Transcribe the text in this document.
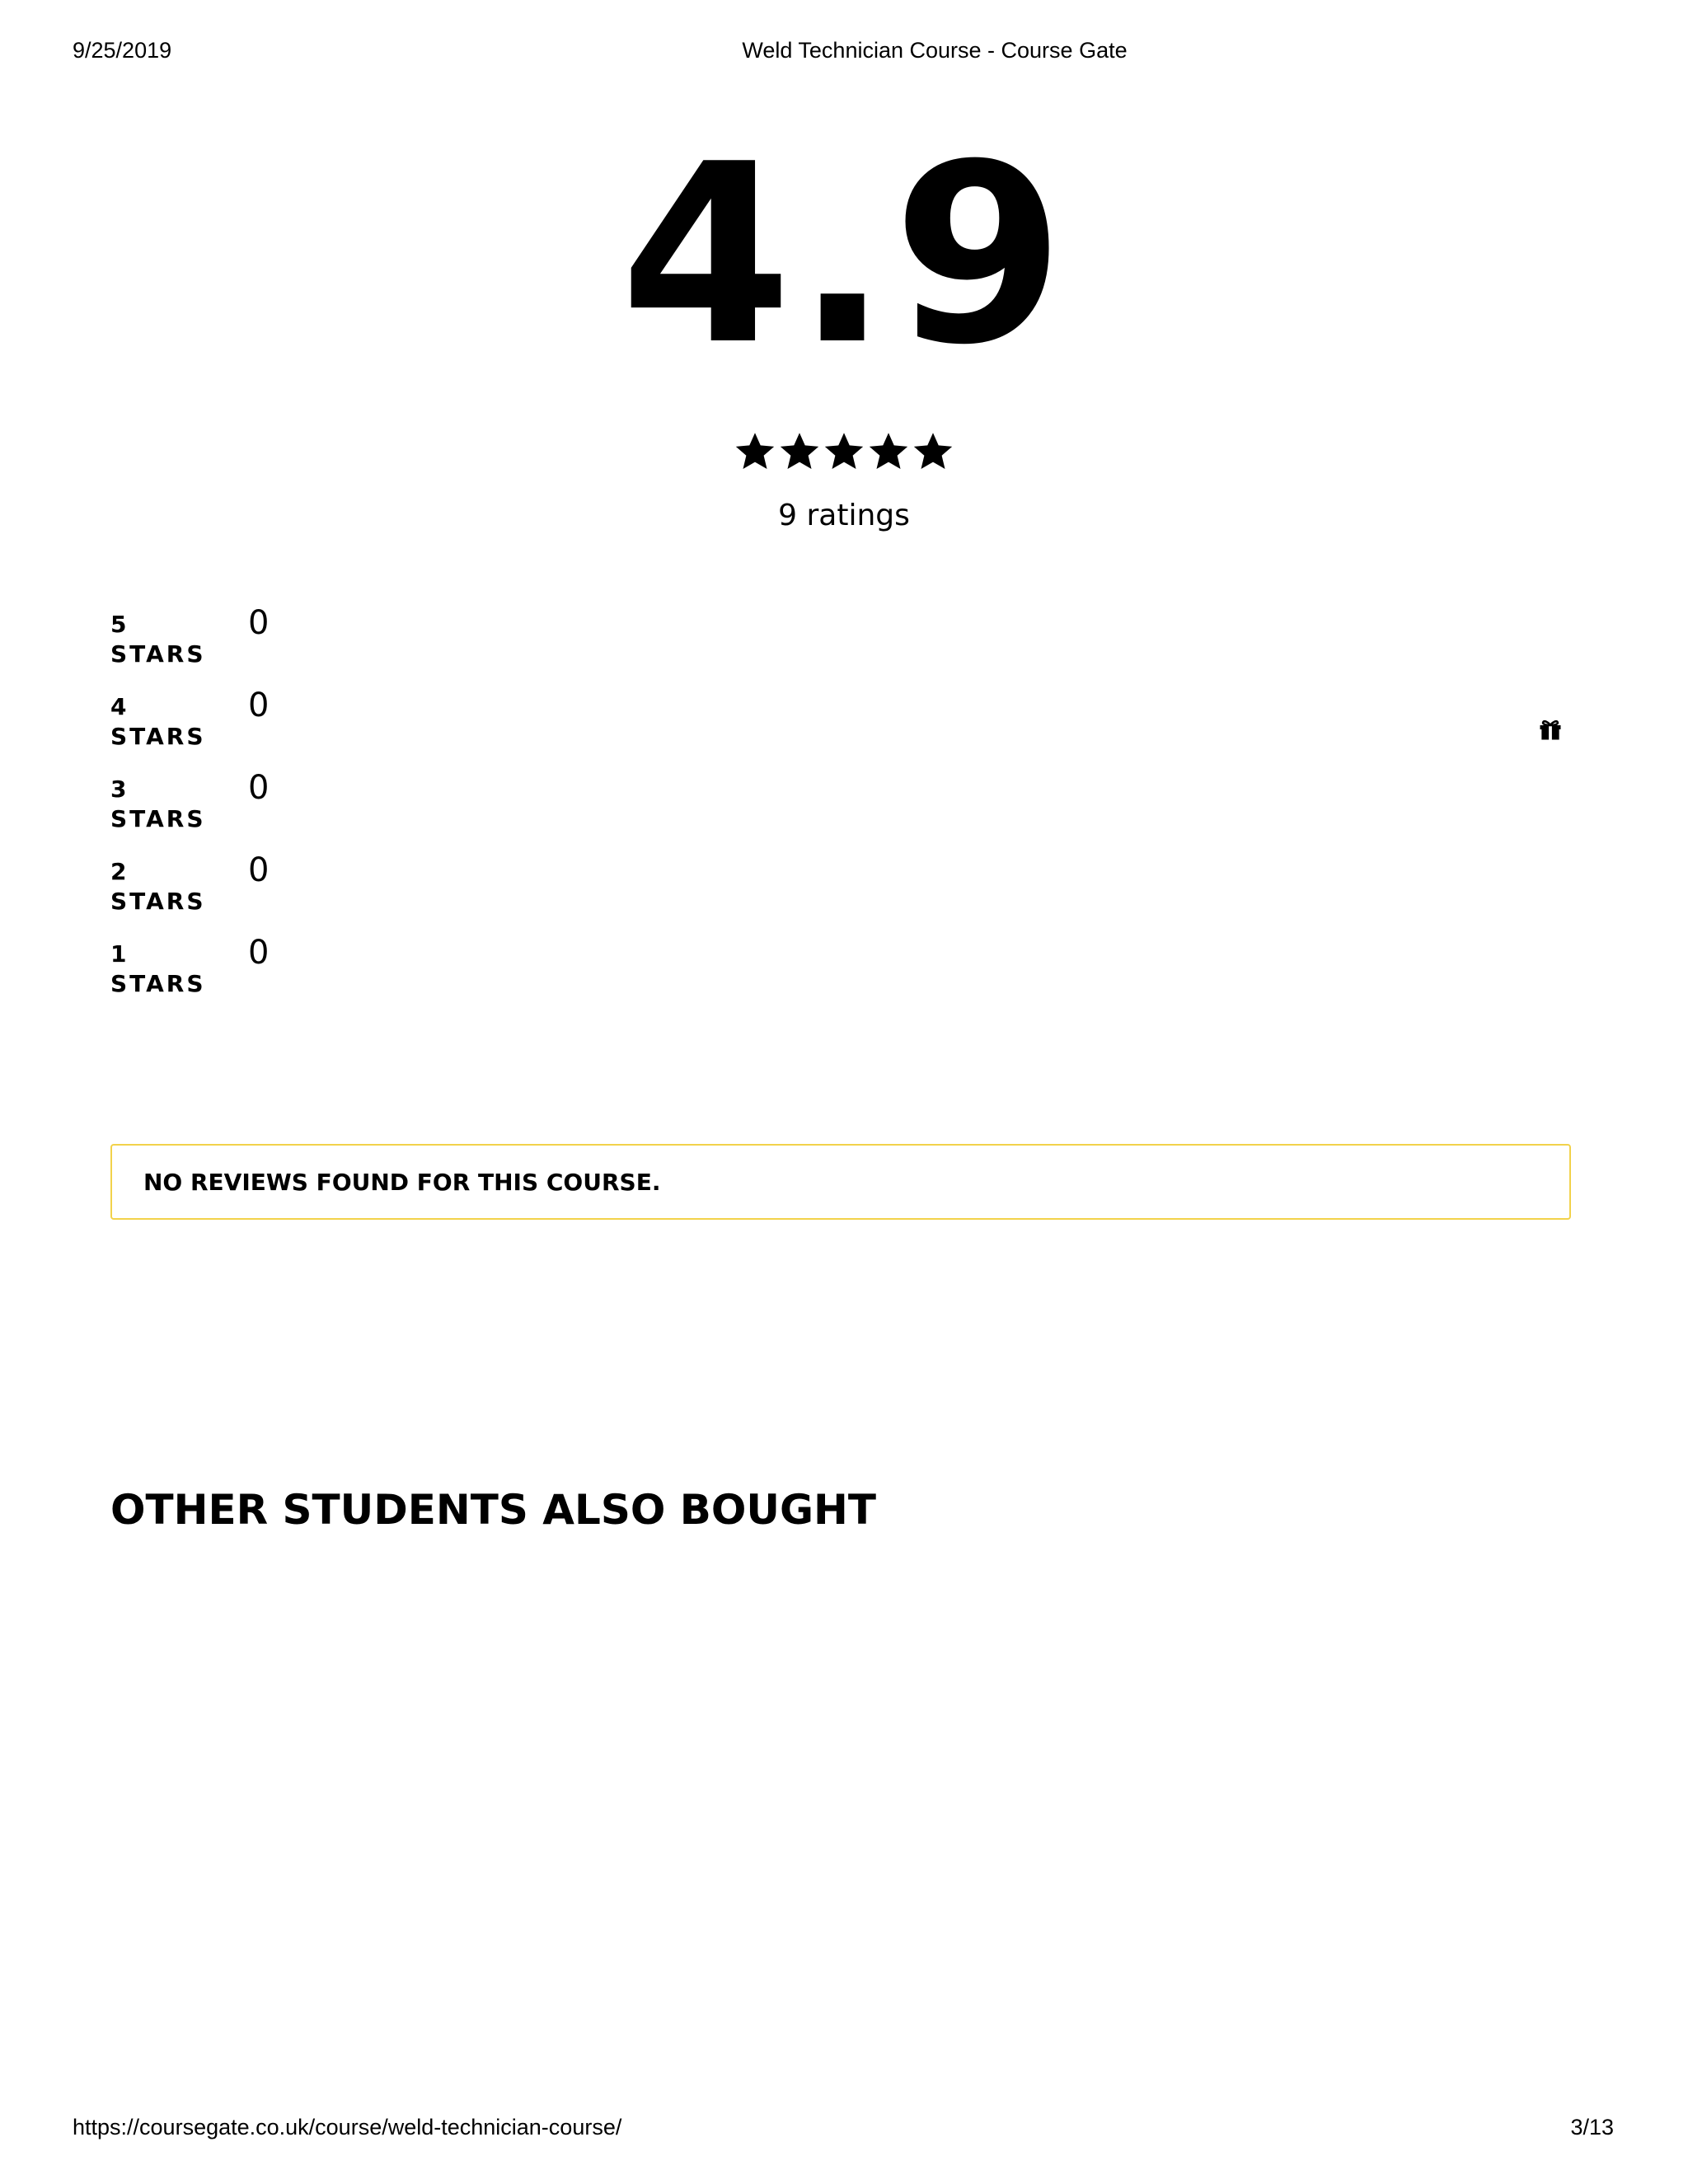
9/25/2019	Weld Technician Course - Course Gate
4.9
9 ratings
5 STARS
0
4 STARS
0
3 STARS
0
2 STARS
0
1 STARS
0
NO REVIEWS FOUND FOR THIS COURSE.
OTHER STUDENTS ALSO BOUGHT
https://coursegate.co.uk/course/weld-technician-course/	3/13
